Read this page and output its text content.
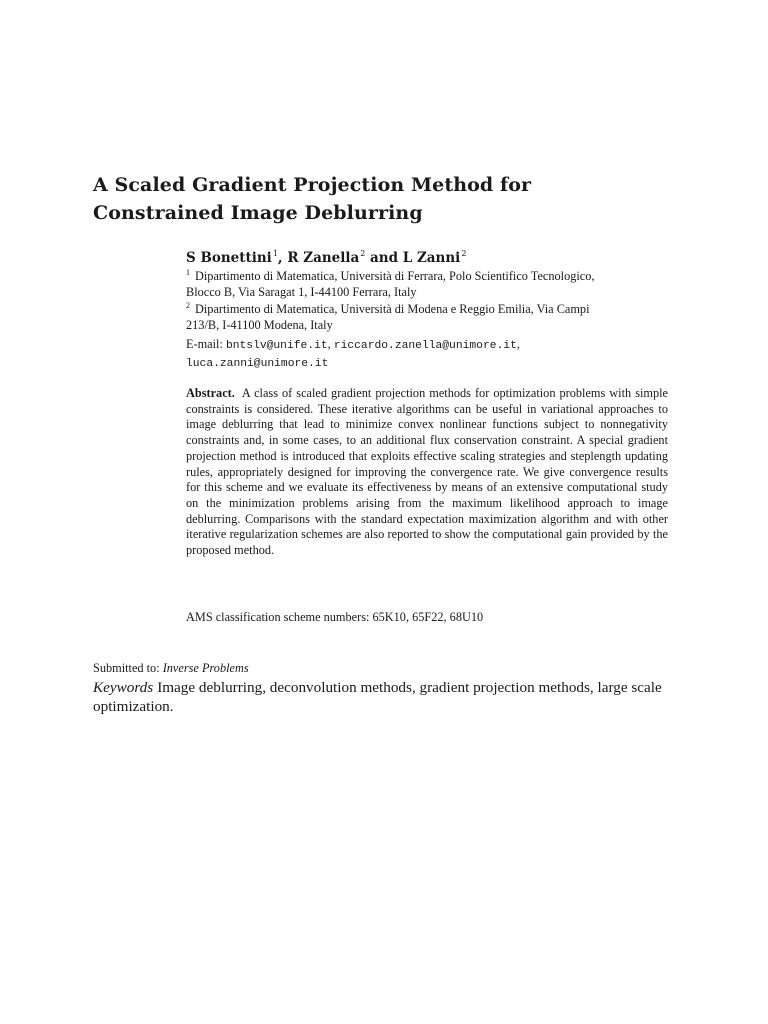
A Scaled Gradient Projection Method for
Constrained Image Deblurring
S Bonettini$^1$, R Zanella$^2$ and L Zanni$^2$
$^1$ Dipartimento di Matematica, Università di Ferrara, Polo Scientifico Tecnologico,
Blocco B, Via Saragat 1, I-44100 Ferrara, Italy
$^2$ Dipartimento di Matematica, Università di Modena e Reggio Emilia, Via Campi
213/B, I-41100 Modena, Italy
E-mail: bntslv@unife.it, riccardo.zanella@unimore.it,
luca.zanni@unimore.it

Abstract. A class of scaled gradient projection methods for optimization problems with simple constraints is considered. These iterative algorithms can be useful in variational approaches to image deblurring that lead to minimize convex nonlinear functions subject to nonnegativity constraints and, in some cases, to an additional flux conservation constraint. A special gradient projection method is introduced that exploits effective scaling strategies and steplength updating rules, appropriately designed for improving the convergence rate. We give convergence results for this scheme and we evaluate its effectiveness by means of an extensive computational study on the minimization problems arising from the maximum likelihood approach to image deblurring. Comparisons with the standard expectation maximization algorithm and with other iterative regularization schemes are also reported to show the computational gain provided by the proposed method.

AMS classification scheme numbers: 65K10, 65F22, 68U10
Submitted to: Inverse Problems

Keywords Image deblurring, deconvolution methods, gradient projection methods, large scale optimization.
